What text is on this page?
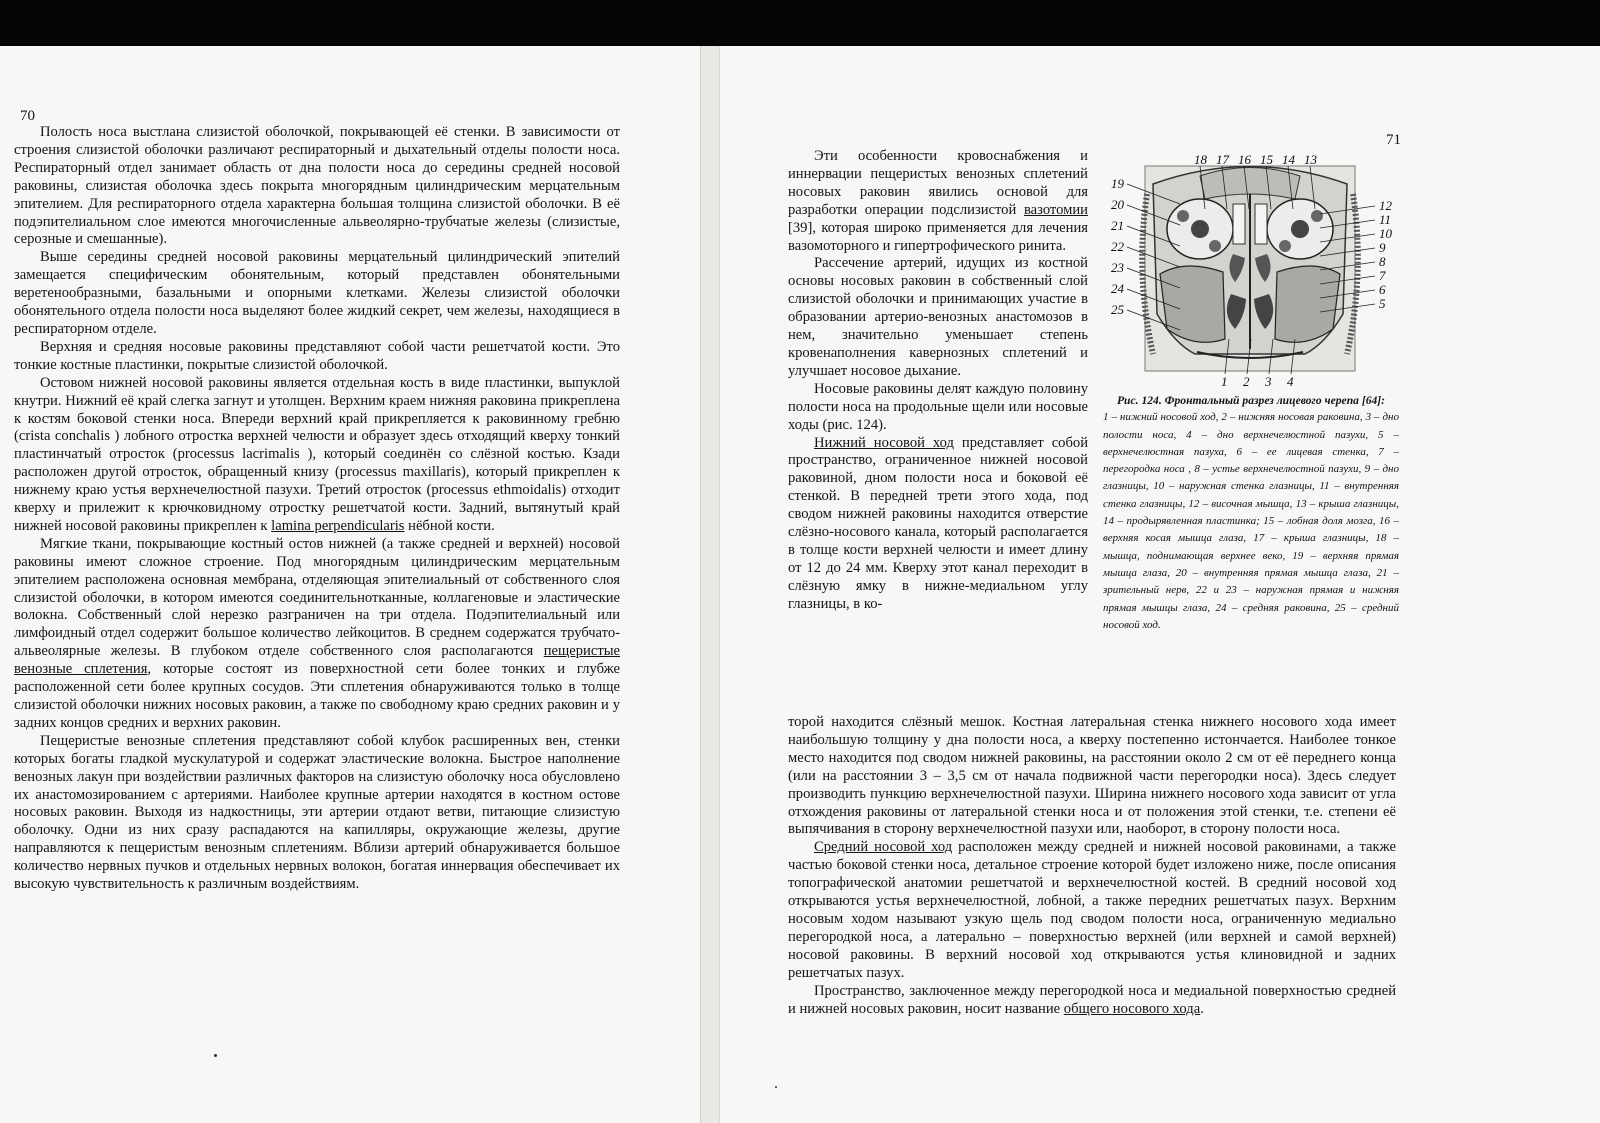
70

Полость носа выстлана слизистой оболочкой, покрывающей её стенки. В зависимости от строения слизистой оболочки различают респираторный и дыхательный отделы полости носа. Респираторный отдел занимает область от дна полости носа до середины средней носовой раковины, слизистая оболочка здесь покрыта многорядным цилиндрическим мерцательным эпителием. Для респираторного отдела характерна большая толщина слизистой оболочки. В её подэпителиальном слое имеются многочисленные альвеолярно-трубчатые железы (слизистые, серозные и смешанные).

Выше середины средней носовой раковины мерцательный цилиндрический эпителий замещается специфическим обонятельным, который представлен обонятельными веретенообразными, базальными и опорными клетками. Железы слизистой оболочки обонятельного отдела полости носа выделяют более жидкий секрет, чем железы, находящиеся в респираторном отделе.

Верхняя и средняя носовые раковины представляют собой части решетчатой кости. Это тонкие костные пластинки, покрытые слизистой оболочкой.

Остовом нижней носовой раковины является отдельная кость в виде пластинки, выпуклой кнутри. Нижний её край слегка загнут и утолщен. Верхним краем нижняя раковина прикреплена к костям боковой стенки носа. Впереди верхний край прикрепляется к раковинному гребню (crista conchalis ) лобного отростка верхней челюсти и образует здесь отходящий кверху тонкий пластинчатый отросток (processus lacrimalis ), который соединён со слёзной костью. Кзади расположен другой отросток, обращенный книзу (processus maxillaris), который прикреплен к нижнему краю устья верхнечелюстной пазухи. Третий отросток (processus ethmoidalis) отходит кверху и прилежит к крючковидному отростку решетчатой кости. Задний, вытянутый край нижней носовой раковины прикреплен к lamina perpendicularis нёбной кости.

Мягкие ткани, покрывающие костный остов нижней (а также средней и верхней) носовой раковины имеют сложное строение. Под многорядным цилиндрическим мерцательным эпителием расположена основная мембрана, отделяющая эпителиальный от собственного слоя слизистой оболочки, в котором имеются соединительнотканные, коллагеновые и эластические волокна. Собственный слой нерезко разграничен на три отдела. Подэпителиальный или лимфоидный отдел содержит большое количество лейкоцитов. В среднем содержатся трубчато-альвеолярные железы. В глубоком отделе собственного слоя располагаются пещеристые венозные сплетения, которые состоят из поверхностной сети более тонких и глубже расположенной сети более крупных сосудов. Эти сплетения обнаруживаются только в толще слизистой оболочки нижних носовых раковин, а также по свободному краю средних раковин и у задних концов средних и верхних раковин.

Пещеристые венозные сплетения представляют собой клубок расширенных вен, стенки которых богаты гладкой мускулатурой и содержат эластические волокна. Быстрое наполнение венозных лакун при воздействии различных факторов на слизистую оболочку носа обусловлено их анастомозированием с артериями. Наиболее крупные артерии находятся в костном остове носовых раковин. Выходя из надкостницы, эти артерии отдают ветви, питающие слизистую оболочку. Одни из них сразу распадаются на капилляры, окружающие железы, другие направляются к пещеристым венозным сплетениям. Вблизи артерий обнаруживается большое количество нервных пучков и отдельных нервных волокон, богатая иннервация обеспечивает их высокую чувствительность к различным воздействиям.

71

Эти особенности кровоснабжения и иннервации пещеристых венозных сплетений носовых раковин явились основой для разработки операции подслизистой вазотомии [39], которая широко применяется для лечения вазомоторного и гипертрофического ринита.

Рассечение артерий, идущих из костной основы носовых раковин в собственный слой слизистой оболочки и принимающих участие в образовании артерио-венозных анастомозов в нем, значительно уменьшает степень кровенаполнения кавернозных сплетений и улучшает носовое дыхание.

Носовые раковины делят каждую половину полости носа на продольные щели или носовые ходы (рис. 124).

Нижний носовой ход представляет собой пространство, ограниченное нижней носовой раковиной, дном полости носа и боковой её стенкой. В передней трети этого хода, под сводом нижней раковины находится отверстие слёзно-носового канала, который располагается в толще кости верхней челюсти и имеет длину от 12 до 24 мм. Кверху этот канал переходит в слёзную ямку в нижне-медиальном углу глазницы, в ко-

19
20
21
22
23
24
25
18 17 16 15 14 13
12
11
10
9
8
7
6
5
1 2 3 4
Рис. 124. Фронтальный разрез лицевого черепа [64]:
1 – нижний носовой ход, 2 – нижняя носовая раковина, 3 – дно полости носа, 4 – дно верхнечелюстной пазухи, 5 – верхнечелюстная пазуха, 6 – ее лицевая стенка, 7 – перегородка носа , 8 – устье верхнечелюстной пазухи, 9 – дно глазницы, 10 – наружная стенка глазницы, 11 – внутренняя стенка глазницы, 12 – височная мышца, 13 – крыша глазницы, 14 – продырявленная пластинка; 15 – лобная доля мозга, 16 – верхняя косая мышца глаза, 17 – крыша глазницы, 18 – мышца, поднимающая верхнее веко, 19 – верхняя прямая мышца глаза, 20 – внутренняя прямая мышца глаза, 21 – зрительный нерв, 22 и 23 – наружная прямая и нижняя прямая мышцы глаза, 24 – средняя раковина, 25 – средний носовой ход.

торой находится слёзный мешок. Костная латеральная стенка нижнего носового хода имеет наибольшую толщину у дна полости носа, а кверху постепенно истончается. Наиболее тонкое место находится под сводом нижней раковины, на расстоянии около 2 см от её переднего конца (или на расстоянии 3 – 3,5 см от начала подвижной части перегородки носа). Здесь следует производить пункцию верхнечелюстной пазухи. Ширина нижнего носового хода зависит от угла отхождения раковины от латеральной стенки носа и от положения этой стенки, т.е. степени её выпячивания в сторону верхнечелюстной пазухи или, наоборот, в сторону полости носа.

Средний носовой ход расположен между средней и нижней носовой раковинами, а также частью боковой стенки носа, детальное строение которой будет изложено ниже, после описания топографической анатомии решетчатой и верхнечелюстной костей. В средний носовой ход открываются устья верхнечелюстной, лобной, а также передних решетчатых пазух. Верхним носовым ходом называют узкую щель под сводом полости носа, ограниченную медиально перегородкой носа, а латерально – поверхностью верхней (или верхней и самой верхней) носовой раковины. В верхний носовой ход открываются устья клиновидной и задних решетчатых пазух.

Пространство, заключенное между перегородкой носа и медиальной поверхностью средней и нижней носовых раковин, носит название общего носового хода.
